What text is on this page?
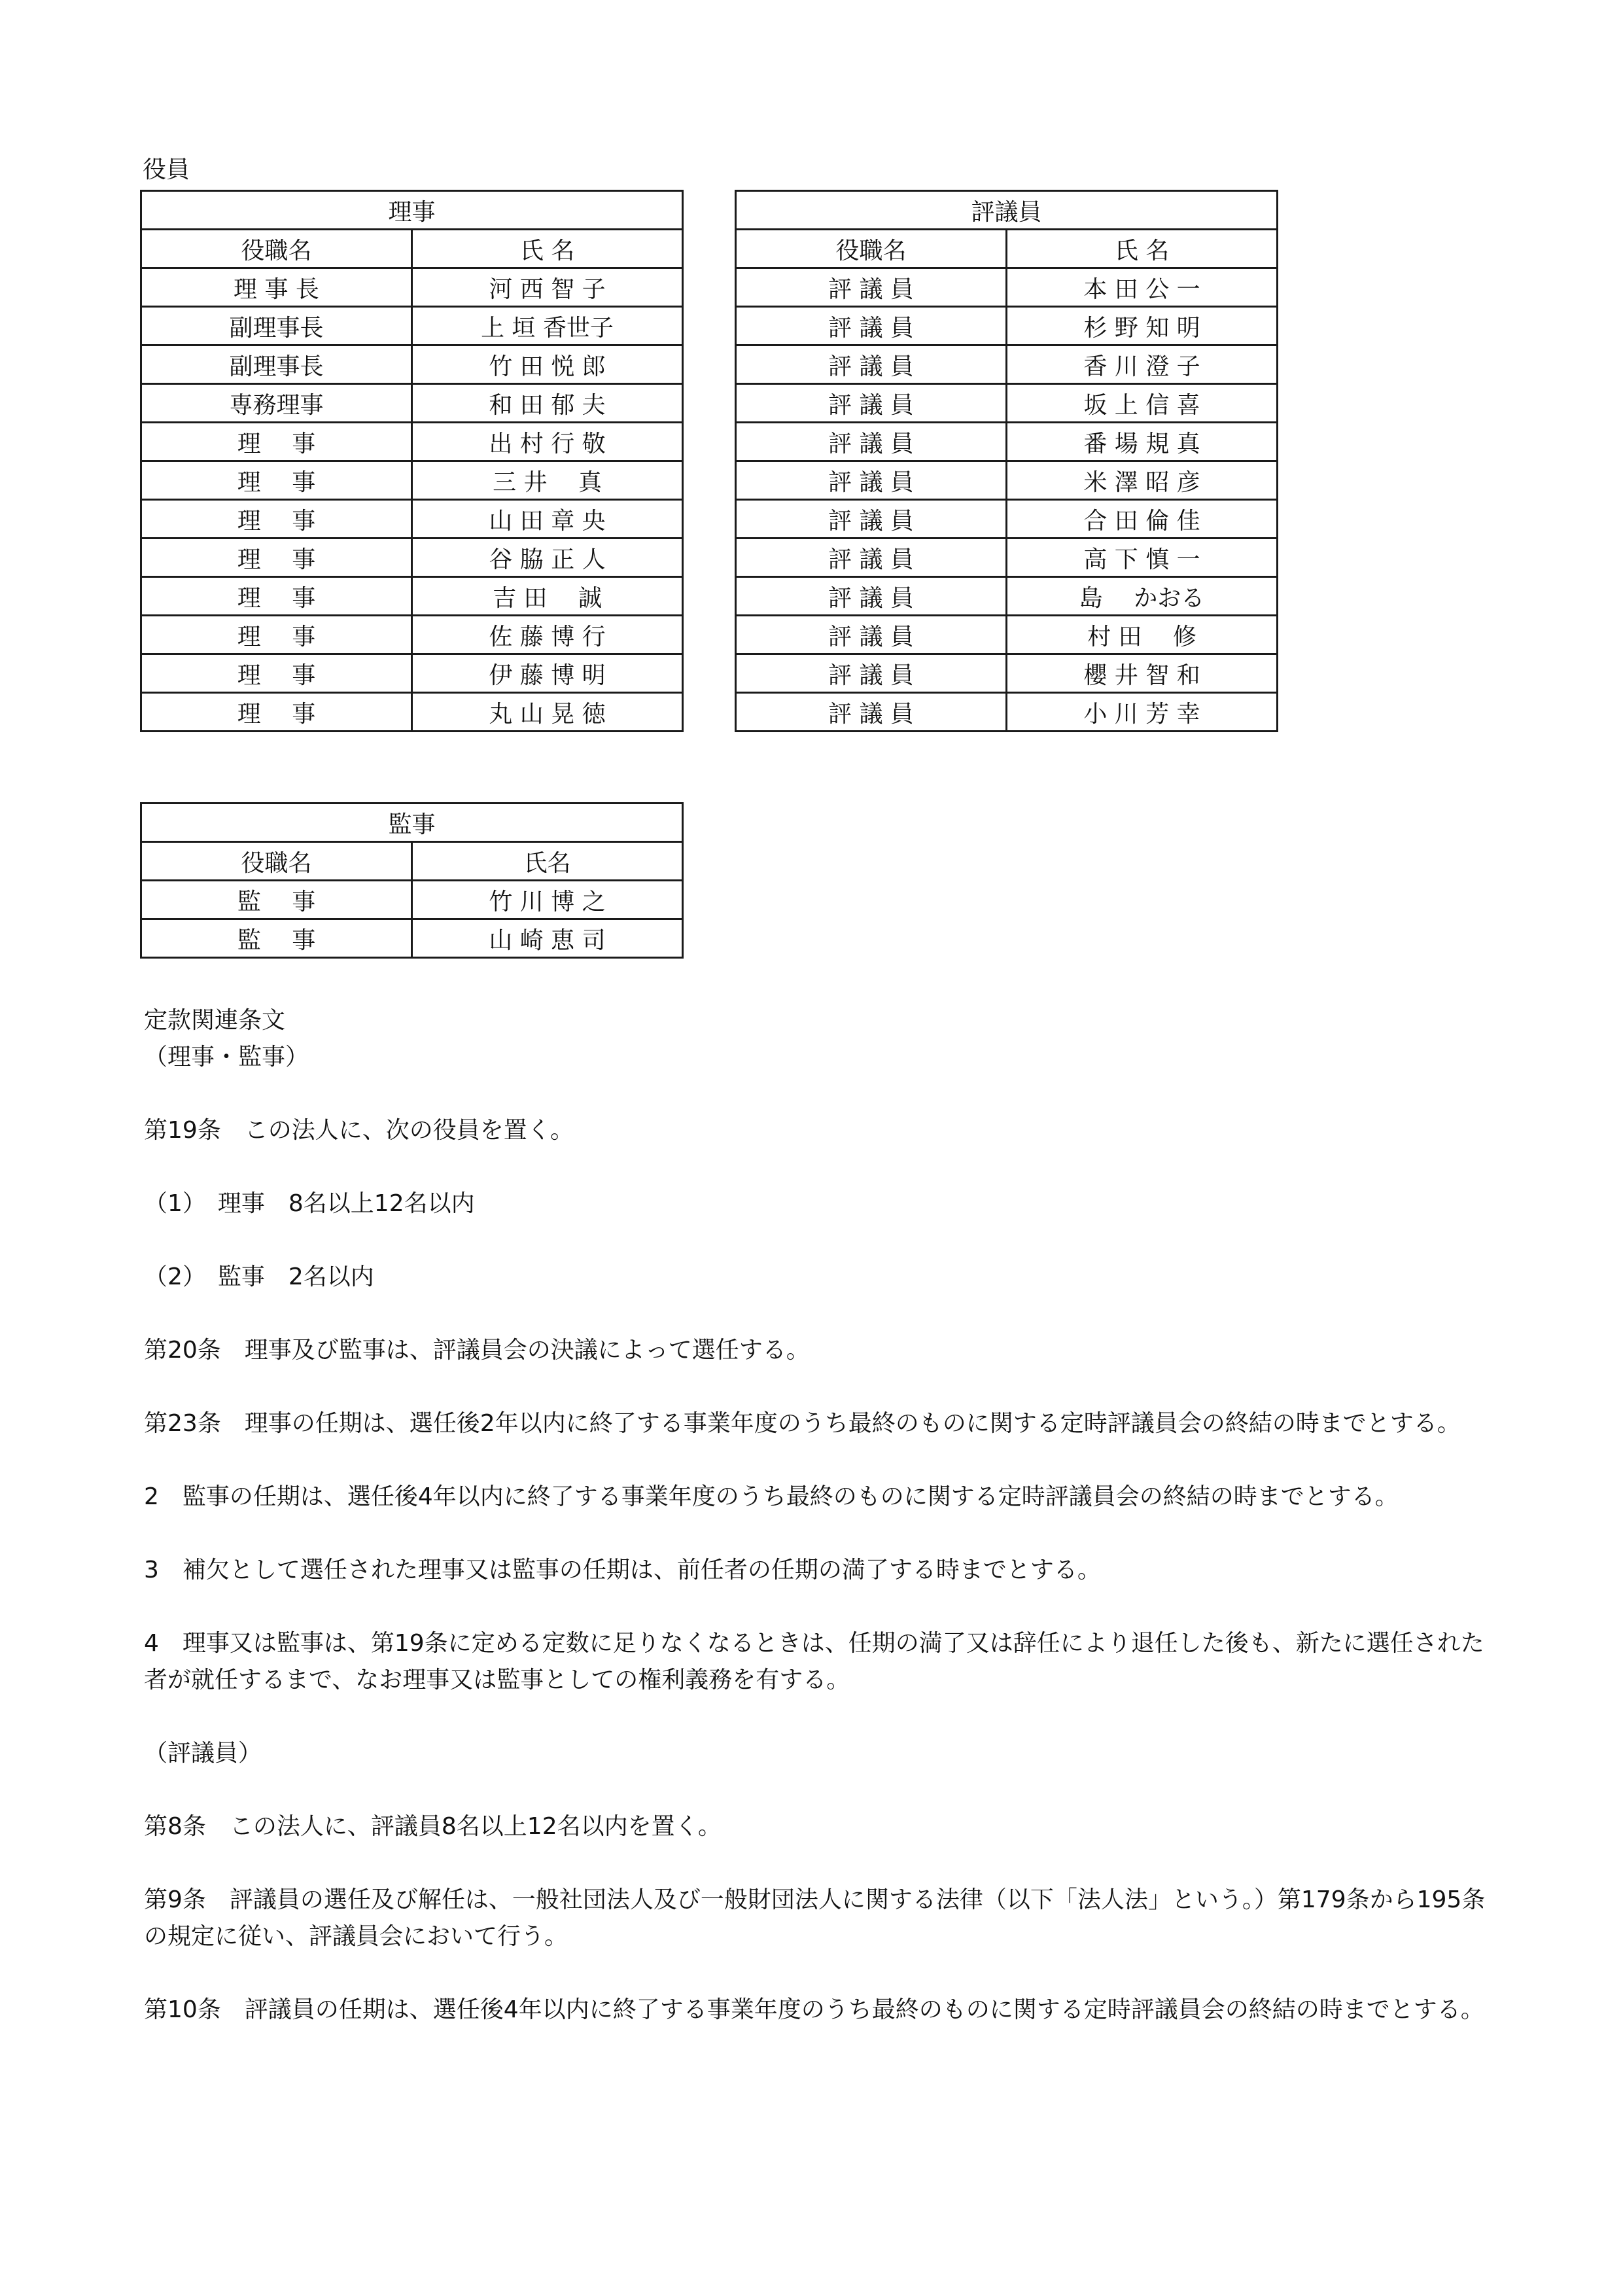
役員
理事	
役職名	氏 名
理 事 長	河 西 智 子
副理事長	上 垣 香世子
副理事長	竹 田 悦 郎
専務理事	和 田 郁 夫
理　 事	出 村 行 敬
理　 事	三 井　 真
理　 事	山 田 章 央
理　 事	谷 脇 正 人
理　 事	吉 田　 誠
理　 事	佐 藤 博 行
理　 事	伊 藤 博 明
理　 事	丸 山 晃 徳
評議員	
役職名	氏 名
評 議 員	本 田 公 一
評 議 員	杉 野 知 明
評 議 員	香 川 澄 子
評 議 員	坂 上 信 喜
評 議 員	番 場 規 真
評 議 員	米 澤 昭 彦
評 議 員	合 田 倫 佳
評 議 員	高 下 慎 一
評 議 員	島　 かおる
評 議 員	村 田　 修
評 議 員	櫻 井 智 和
評 議 員	小 川 芳 幸
監事	
役職名	氏名
監　 事	竹 川 博 之
監　 事	山 崎 恵 司

定款関連条文

（理事・監事）

第19条　この法人に、次の役員を置く。

（1）　理事　8名以上12名以内

（2）　監事　2名以内

第20条　理事及び監事は、評議員会の決議によって選任する。

第23条　理事の任期は、選任後2年以内に終了する事業年度のうち最終のものに関する定時評議員会の終結の時までとする。

2　監事の任期は、選任後4年以内に終了する事業年度のうち最終のものに関する定時評議員会の終結の時までとする。

3　補欠として選任された理事又は監事の任期は、前任者の任期の満了する時までとする。

4　理事又は監事は、第19条に定める定数に足りなくなるときは、任期の満了又は辞任により退任した後も、新たに選任された者が就任するまで、なお理事又は監事としての権利義務を有する。

（評議員）

第8条　この法人に、評議員8名以上12名以内を置く。

第9条　評議員の選任及び解任は、一般社団法人及び一般財団法人に関する法律（以下「法人法」という。）第179条から195条の規定に従い、評議員会において行う。

第10条　評議員の任期は、選任後4年以内に終了する事業年度のうち最終のものに関する定時評議員会の終結の時までとする。
